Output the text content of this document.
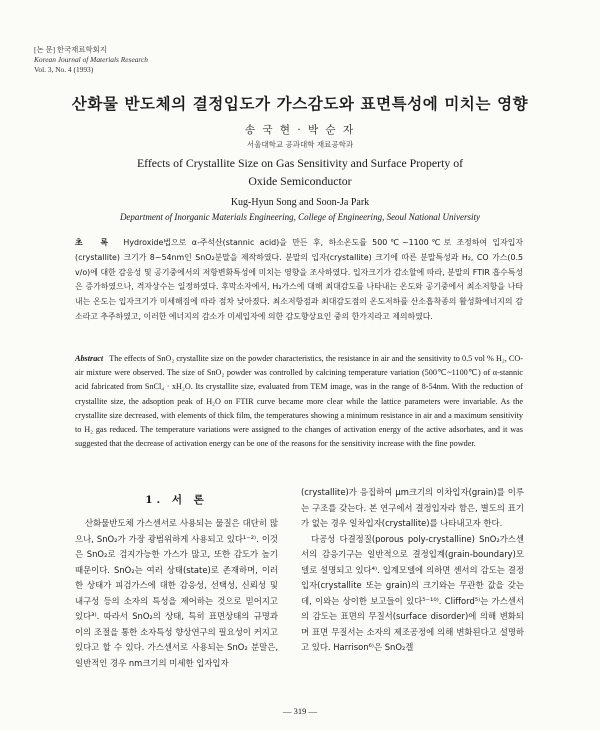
[논 문] 한국재료학회지
Korean Journal of Materials Research
Vol. 3, No. 4 (1993)
산화물 반도체의 결정입도가 가스감도와 표면특성에 미치는 영향
송 국 현 · 박 순 자
서울대학교 공과대학 재료공학과
Effects of Crystallite Size on Gas Sensitivity and Surface Property of
Oxide Semiconductor
Kug-Hyun Song and Soon-Ja Park
Department of Inorganic Materials Engineering, College of Engineering, Seoul National University
초 록 Hydroxide법으로 α-주석산(stannic acid)을 만든 후, 하소온도를 500℃~1100℃로 조정하여 입자입자(crystallite) 크기가 8~54nm인 SnO₂분말을 제작하였다. 분말의 입자(crystallite) 크기에 따른 분말특성과 H₂, CO 가스(0.5 v/o)에 대한 감응성 및 공기중에서의 저항변화특성에 미치는 영향을 조사하였다. 입자크기가 감소할에 따라, 분말의 FTIR 흡수특성은 증가하였으나, 격자상수는 일정하였다. 후막소자에서, H₂가스에 대해 최대감도를 나타내는 온도와 공기중에서 최소저항을 나타내는 온도는 입자크기가 미세해짐에 따라 점차 낮아졌다. 최소저항점과 최대감도점의 온도저하를 산소흡착종의 활성화에너지의 감소라고 추주하였고, 이러한 에너지의 감소가 미세입자에 의한 감도향상요인 중의 한가지라고 제의하였다.
Abstract The effects of SnO₂ crystallite size on the powder characteristics, the resistance in air and the sensitivity to 0.5 vol % H₂, CO-air mixture were observed. The size of SnO₂ powder was controlled by calcining temperature variation (500℃~1100℃) of α-stannic acid fabricated from SnCl₄ · xH₂O. Its crystallite size, evaluated from TEM image, was in the range of 8-54nm. With the reduction of crystallite size, the adsoption peak of H₂O on FTIR curve became more clear while the lattice parameters were invariable. As the crystallite size decreased, with elements of thick film, the temperatures showing a minimum resistance in air and a maximum sensitivity to H₂ gas reduced. The temperature variations were assigned to the changes of activation energy of the active adsorbates, and it was suggested that the decrease of activation energy can be one of the reasons for the sensitivity increase with the fine powder.
1. 서 론
산화물반도체 가스센서로 사용되는 물질은 대단히 많으나, SnO₂가 가장 광범위하게 사용되고 있다¹⁻²⁾. 이것은 SnO₂로 검지가능한 가스가 많고, 또한 감도가 높기 때문이다. SnO₂는 여러 상태(state)로 존재하며, 이러한 상태가 피검가스에 대한 감응성, 선택성, 신뢰성 및 내구성 등의 소자의 특성을 제어하는 것으로 믿어지고 있다³⁾. 따라서 SnO₂의 상태, 특히 표면상태의 규명과 이의 조절을 통한 소자특성 향상연구의 필요성이 커지고 있다고 할 수 있다. 가스센서로 사용되는 SnO₂ 분말은, 일반적인 경우 nm크기의 미세한 입자입자

(crystallite)가 응집하여 μm크기의 이차입자(grain)를 이루는 구조를 갖는다. 본 연구에서 결정입자라 함은, 별도의 표기가 없는 경우 일차입자(crystallite)를 나타내고자 한다.

다공성 다결정질(porous poly-crystalline) SnO₂가스센서의 감응기구는 일반적으로 결정입계(grain-boundary)모델로 설명되고 있다⁴⁾. 입계모델에 의하면 센서의 감도는 결정입자(crystallite 또는 grain)의 크기와는 무관한 값을 갖는데, 이와는 상이한 보고들이 있다⁵⁻¹⁰⁾. Clifford⁵⁾는 가스센서의 감도는 표면의 무질서(surface disorder)에 의해 변화되며 표면 무질서는 소자의 제조공정에 의해 변화된다고 설명하고 있다. Harrison⁶⁾은 SnO₂겔

— 319 —
